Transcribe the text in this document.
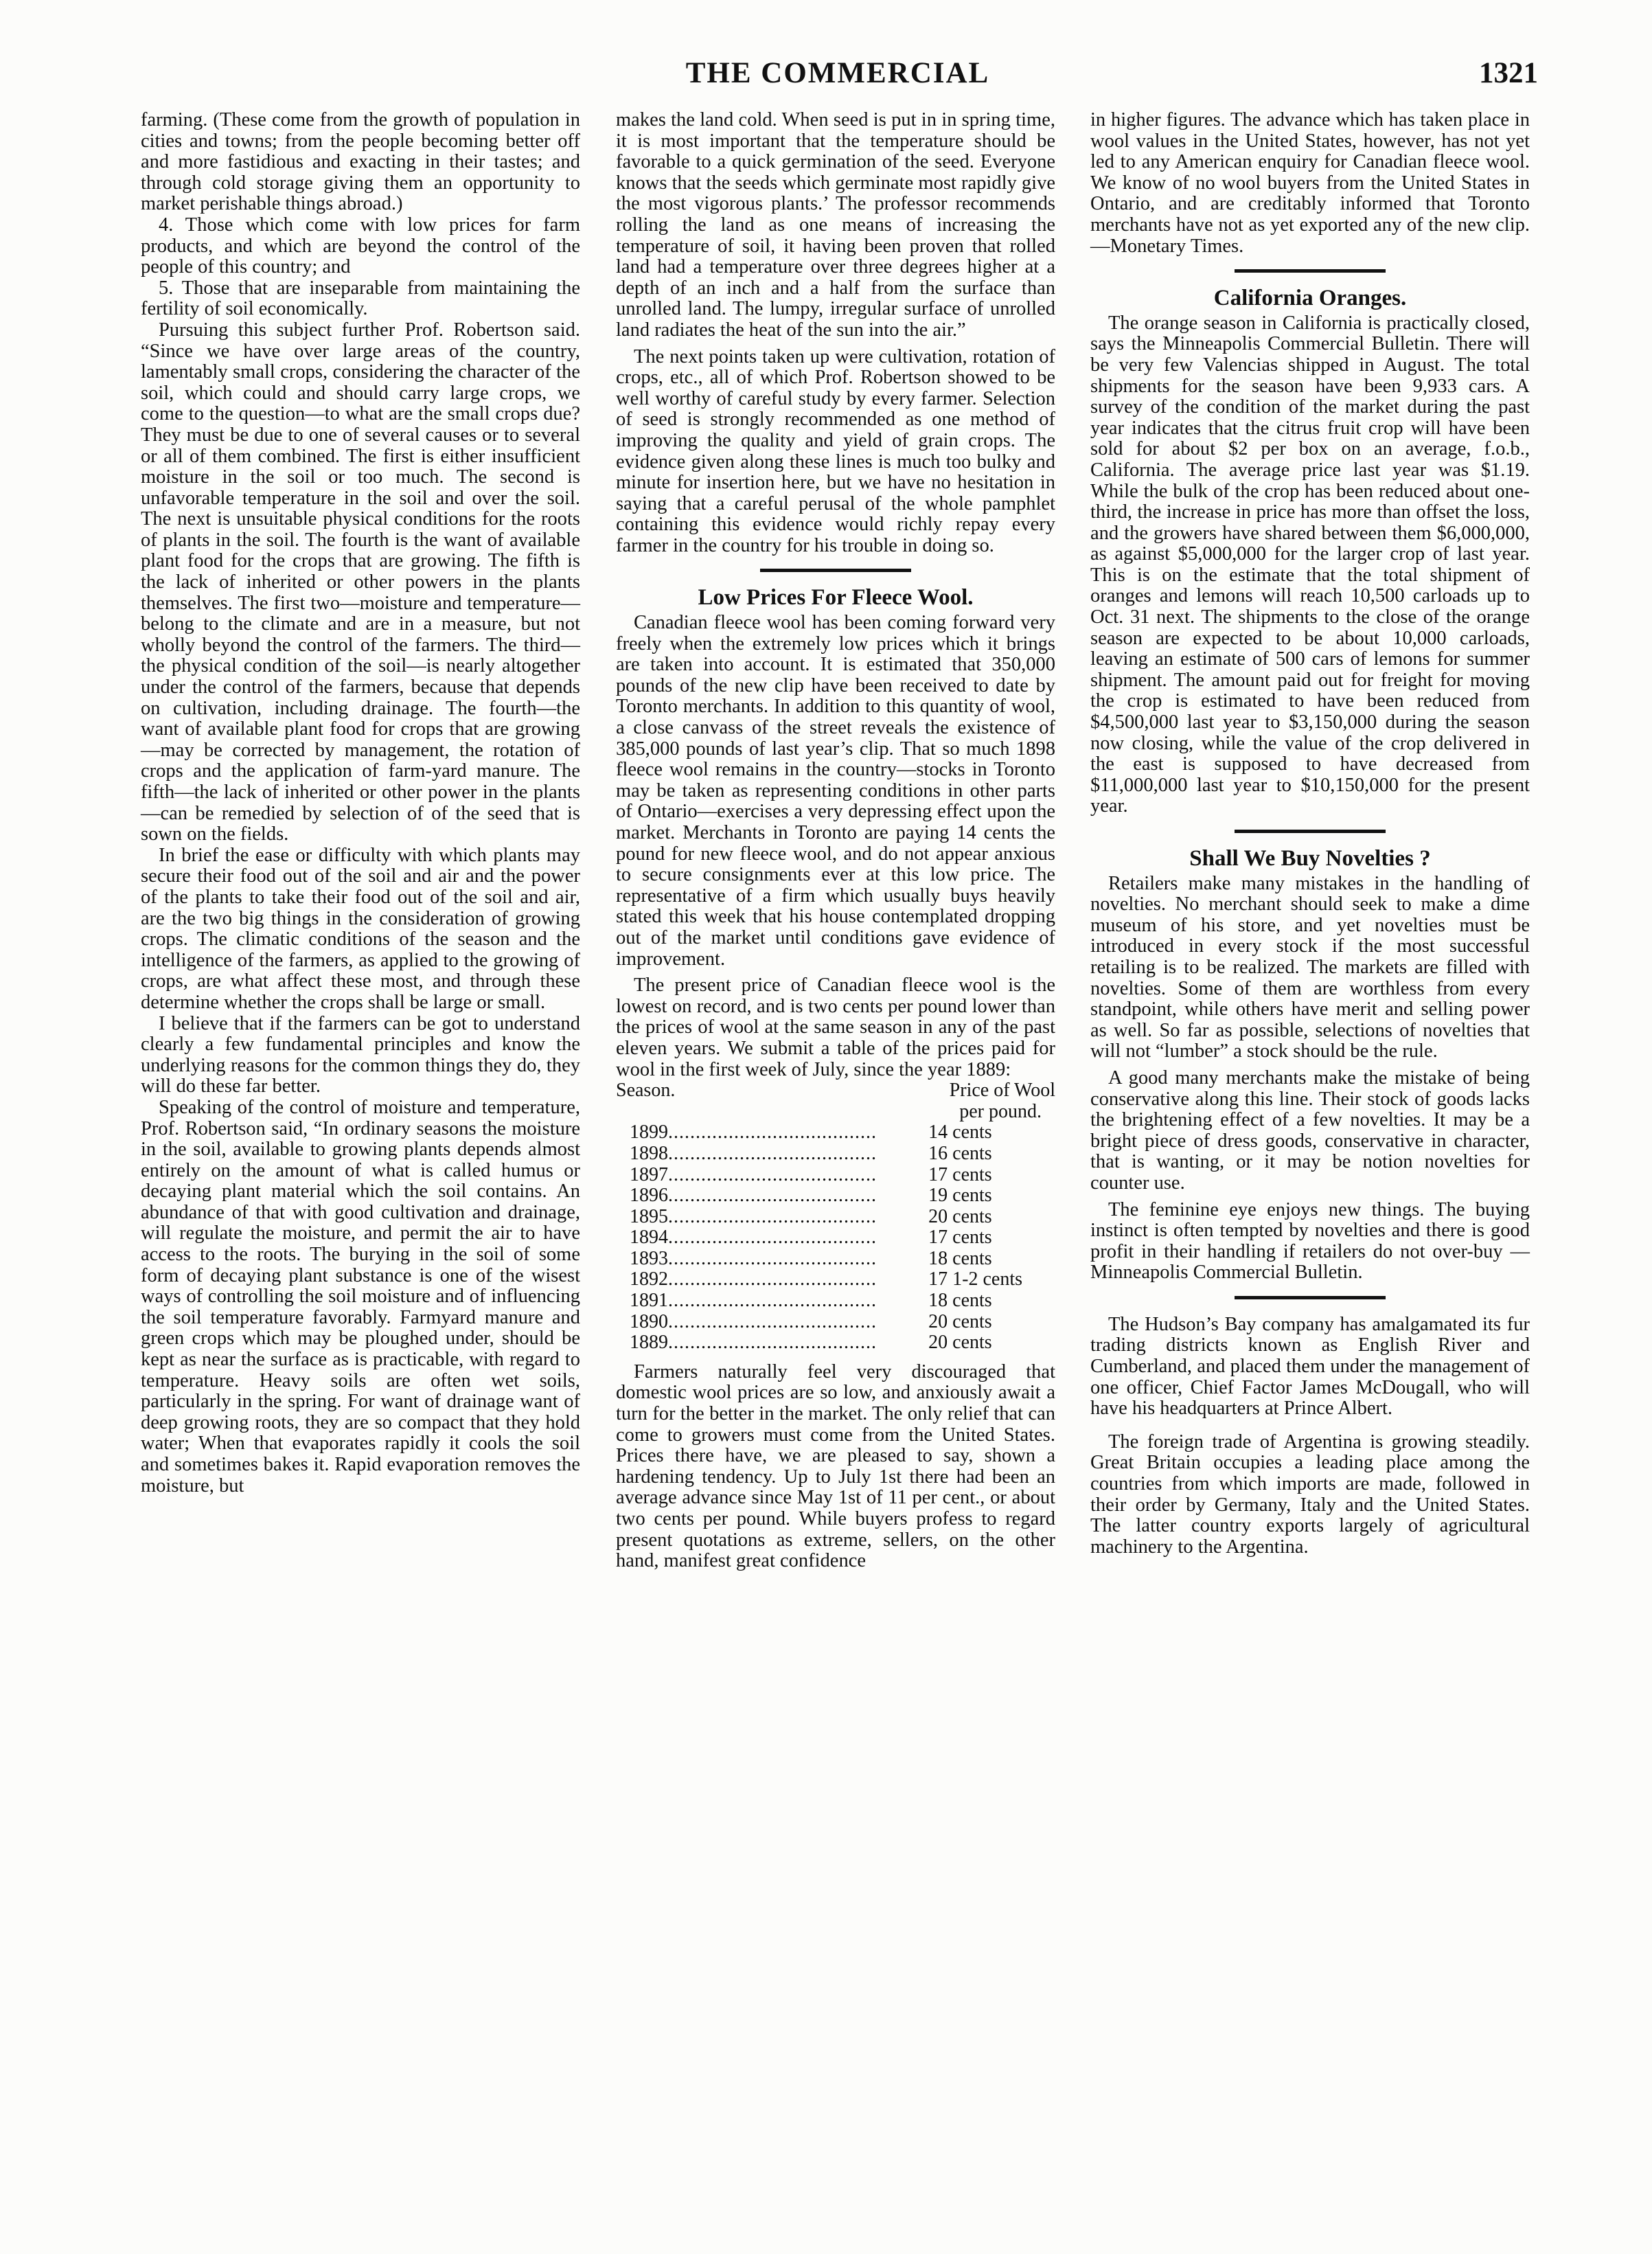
THE COMMERCIAL	1321

farming. (These come from the growth of population in cities and towns; from the people becoming better off and more fastidious and exacting in their tastes; and through cold storage giving them an opportunity to market perishable things abroad.)

4. Those which come with low prices for farm products, and which are beyond the control of the people of this country; and

5. Those that are inseparable from maintaining the fertility of soil economically.

Pursuing this subject further Prof. Robertson said. “Since we have over large areas of the country, lamentably small crops, considering the character of the soil, which could and should carry large crops, we come to the question—to what are the small crops due? They must be due to one of several causes or to several or all of them combined. The first is either insufficient moisture in the soil or too much. The second is unfavorable temperature in the soil and over the soil. The next is unsuitable physical conditions for the roots of plants in the soil. The fourth is the want of available plant food for the crops that are growing. The fifth is the lack of inherited or other powers in the plants themselves. The first two—moisture and temperature—belong to the climate and are in a measure, but not wholly beyond the control of the farmers. The third—the physical condition of the soil—is nearly altogether under the control of the farmers, because that depends on cultivation, including drainage. The fourth—the want of available plant food for crops that are growing—may be corrected by management, the rotation of crops and the application of farm-yard manure. The fifth—the lack of inherited or other power in the plants—can be remedied by selection of of the seed that is sown on the fields.

In brief the ease or difficulty with which plants may secure their food out of the soil and air and the power of the plants to take their food out of the soil and air, are the two big things in the consideration of growing crops. The climatic conditions of the season and the intelligence of the farmers, as applied to the growing of crops, are what affect these most, and through these determine whether the crops shall be large or small.

I believe that if the farmers can be got to understand clearly a few fundamental principles and know the underlying reasons for the common things they do, they will do these far better.

Speaking of the control of moisture and temperature, Prof. Robertson said, “In ordinary seasons the moisture in the soil, available to growing plants depends almost entirely on the amount of what is called humus or decaying plant material which the soil contains. An abundance of that with good cultivation and drainage, will regulate the moisture, and permit the air to have access to the roots. The burying in the soil of some form of decaying plant substance is one of the wisest ways of controlling the soil moisture and of influencing the soil temperature favorably. Farmyard manure and green crops which may be ploughed under, should be kept as near the surface as is practicable, with regard to temperature. Heavy soils are often wet soils, particularly in the spring. For want of drainage want of deep growing roots, they are so compact that they hold water; When that evaporates rapidly it cools the soil and sometimes bakes it. Rapid evaporation removes the moisture, but

makes the land cold. When seed is put in in spring time, it is most important that the temperature should be favorable to a quick germination of the seed. Everyone knows that the seeds which germinate most rapidly give the most vigorous plants.’ The professor recommends rolling the land as one means of increasing the temperature of soil, it having been proven that rolled land had a temperature over three degrees higher at a depth of an inch and a half from the surface than unrolled land. The lumpy, irregular surface of unrolled land radiates the heat of the sun into the air.”

The next points taken up were cultivation, rotation of crops, etc., all of which Prof. Robertson showed to be well worthy of careful study by every farmer. Selection of seed is strongly recommended as one method of improving the quality and yield of grain crops. The evidence given along these lines is much too bulky and minute for insertion here, but we have no hesitation in saying that a careful perusal of the whole pamphlet containing this evidence would richly repay every farmer in the country for his trouble in doing so.

Low Prices For Fleece Wool.

Canadian fleece wool has been coming forward very freely when the extremely low prices which it brings are taken into account. It is estimated that 350,000 pounds of the new clip have been received to date by Toronto merchants. In addition to this quantity of wool, a close canvass of the street reveals the existence of 385,000 pounds of last year’s clip. That so much 1898 fleece wool remains in the country—stocks in Toronto may be taken as representing conditions in other parts of Ontario—exercises a very depressing effect upon the market. Merchants in Toronto are paying 14 cents the pound for new fleece wool, and do not appear anxious to secure consignments ever at this low price. The representative of a firm which usually buys heavily stated this week that his house contemplated dropping out of the market until conditions gave evidence of improvement.

The present price of Canadian fleece wool is the lowest on record, and is two cents per pound lower than the prices of wool at the same season in any of the past eleven years. We submit a table of the prices paid for wool in the first week of July, since the year 1889:

Season.	Price of Wool
per pound.

1899......................................	14 cents
1898......................................	16 cents
1897......................................	17 cents
1896......................................	19 cents
1895......................................	20 cents
1894......................................	17 cents
1893......................................	18 cents
1892......................................	17 1-2 cents
1891......................................	18 cents
1890......................................	20 cents
1889......................................	20 cents

Farmers naturally feel very discouraged that domestic wool prices are so low, and anxiously await a turn for the better in the market. The only relief that can come to growers must come from the United States. Prices there have, we are pleased to say, shown a hardening tendency. Up to July 1st there had been an average advance since May 1st of 11 per cent., or about two cents per pound. While buyers profess to regard present quotations as extreme, sellers, on the other hand, manifest great confidence

in higher figures. The advance which has taken place in wool values in the United States, however, has not yet led to any American enquiry for Canadian fleece wool. We know of no wool buyers from the United States in Ontario, and are creditably informed that Toronto merchants have not as yet exported any of the new clip.—Monetary Times.

California Oranges.

The orange season in California is practically closed, says the Minneapolis Commercial Bulletin. There will be very few Valencias shipped in August. The total shipments for the season have been 9,933 cars. A survey of the condition of the market during the past year indicates that the citrus fruit crop will have been sold for about $2 per box on an average, f.o.b., California. The average price last year was $1.19. While the bulk of the crop has been reduced about one-third, the increase in price has more than offset the loss, and the growers have shared between them $6,000,000, as against $5,000,000 for the larger crop of last year. This is on the estimate that the total shipment of oranges and lemons will reach 10,500 carloads up to Oct. 31 next. The shipments to the close of the orange season are expected to be about 10,000 carloads, leaving an estimate of 500 cars of lemons for summer shipment. The amount paid out for freight for moving the crop is estimated to have been reduced from $4,500,000 last year to $3,150,000 during the season now closing, while the value of the crop delivered in the east is supposed to have decreased from $11,000,000 last year to $10,150,000 for the present year.

Shall We Buy Novelties ?

Retailers make many mistakes in the handling of novelties. No merchant should seek to make a dime museum of his store, and yet novelties must be introduced in every stock if the most successful retailing is to be realized. The markets are filled with novelties. Some of them are worthless from every standpoint, while others have merit and selling power as well. So far as possible, selections of novelties that will not “lumber” a stock should be the rule.

A good many merchants make the mistake of being conservative along this line. Their stock of goods lacks the brightening effect of a few novelties. It may be a bright piece of dress goods, conservative in character, that is wanting, or it may be notion novelties for counter use.

The feminine eye enjoys new things. The buying instinct is often tempted by novelties and there is good profit in their handling if retailers do not over-buy — Minneapolis Commercial Bulletin.

The Hudson’s Bay company has amalgamated its fur trading districts known as English River and Cumberland, and placed them under the management of one officer, Chief Factor James McDougall, who will have his headquarters at Prince Albert.

The foreign trade of Argentina is growing steadily. Great Britain occupies a leading place among the countries from which imports are made, followed in their order by Germany, Italy and the United States. The latter country exports largely of agricultural machinery to the Argentina.
